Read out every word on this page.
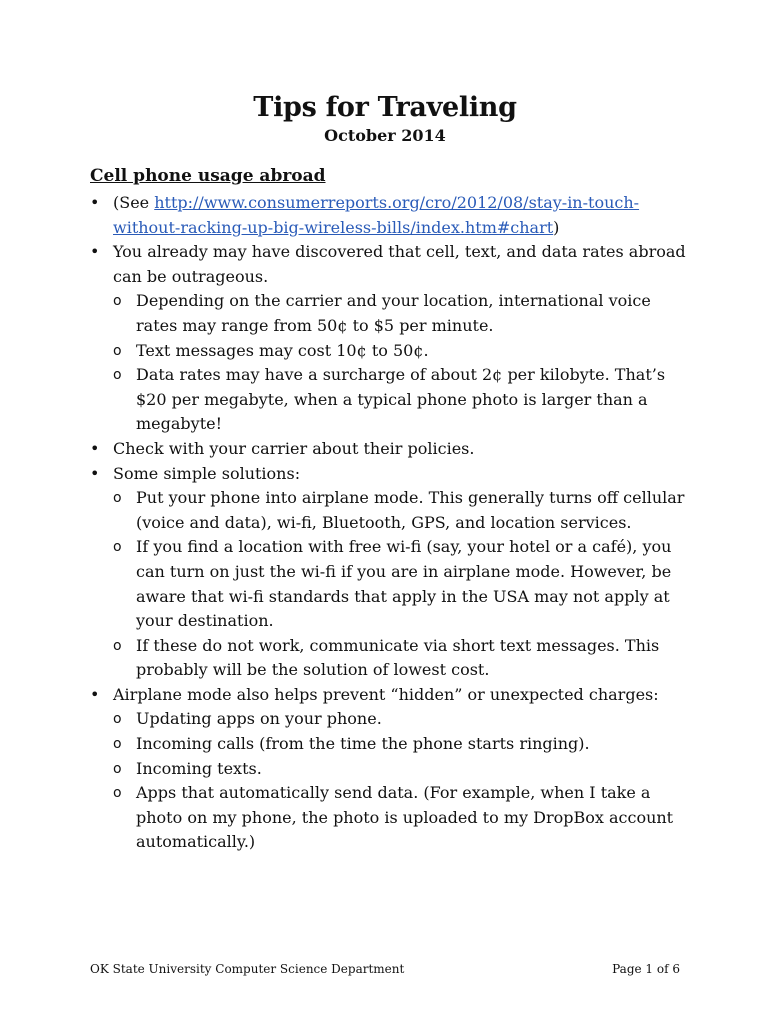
Tips for Traveling
October 2014
Cell phone usage abroad
• (See http://www.consumerreports.org/cro/2012/08/stay-in-touch-without-racking-up-big-wireless-bills/index.htm#chart)
• You already may have discovered that cell, text, and data rates abroad can be outrageous.
o Depending on the carrier and your location, international voice rates may range from 50¢ to $5 per minute.
o Text messages may cost 10¢ to 50¢.
o Data rates may have a surcharge of about 2¢ per kilobyte. That’s $20 per megabyte, when a typical phone photo is larger than a megabyte!
• Check with your carrier about their policies.
• Some simple solutions:
o Put your phone into airplane mode. This generally turns off cellular (voice and data), wi-fi, Bluetooth, GPS, and location services.
o If you find a location with free wi-fi (say, your hotel or a café), you can turn on just the wi-fi if you are in airplane mode. However, be aware that wi-fi standards that apply in the USA may not apply at your destination.
o If these do not work, communicate via short text messages. This probably will be the solution of lowest cost.
• Airplane mode also helps prevent “hidden” or unexpected charges:
o Updating apps on your phone.
o Incoming calls (from the time the phone starts ringing).
o Incoming texts.
o Apps that automatically send data. (For example, when I take a photo on my phone, the photo is uploaded to my DropBox account automatically.)
OK State University Computer Science Department	Page 1 of 6
